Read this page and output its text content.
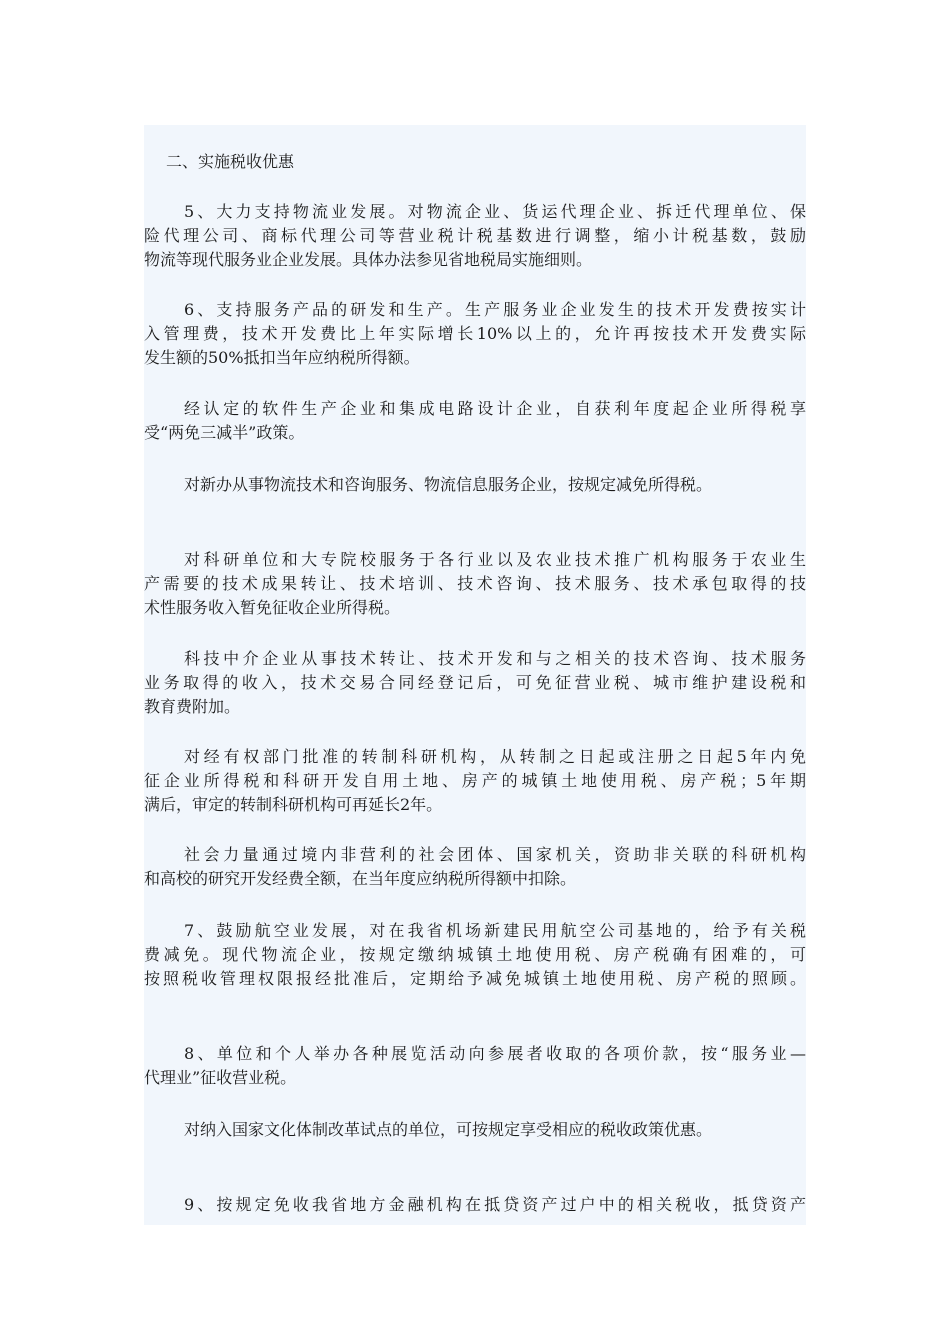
二、实施税收优惠
5、大力支持物流业发展。对物流企业、货运代理企业、拆迁代理单位、保
险代理公司、商标代理公司等营业税计税基数进行调整，缩小计税基数，鼓励
物流等现代服务业企业发展。具体办法参见省地税局实施细则。
6、支持服务产品的研发和生产。生产服务业企业发生的技术开发费按实计
入管理费，技术开发费比上年实际增长10%以上的，允许再按技术开发费实际
发生额的50%抵扣当年应纳税所得额。
经认定的软件生产企业和集成电路设计企业，自获利年度起企业所得税享
受“两免三减半”政策。
对新办从事物流技术和咨询服务、物流信息服务企业，按规定减免所得税。
对科研单位和大专院校服务于各行业以及农业技术推广机构服务于农业生
产需要的技术成果转让、技术培训、技术咨询、技术服务、技术承包取得的技
术性服务收入暂免征收企业所得税。
科技中介企业从事技术转让、技术开发和与之相关的技术咨询、技术服务
业务取得的收入，技术交易合同经登记后，可免征营业税、城市维护建设税和
教育费附加。
对经有权部门批准的转制科研机构，从转制之日起或注册之日起5年内免
征企业所得税和科研开发自用土地、房产的城镇土地使用税、房产税；5年期
满后，审定的转制科研机构可再延长2年。
社会力量通过境内非营利的社会团体、国家机关，资助非关联的科研机构
和高校的研究开发经费全额，在当年度应纳税所得额中扣除。
7、鼓励航空业发展，对在我省机场新建民用航空公司基地的，给予有关税
费减免。现代物流企业，按规定缴纳城镇土地使用税、房产税确有困难的，可
按照税收管理权限报经批准后，定期给予减免城镇土地使用税、房产税的照顾。
8、单位和个人举办各种展览活动向参展者收取的各项价款，按“服务业—
代理业”征收营业税。
对纳入国家文化体制改革试点的单位，可按规定享受相应的税收政策优惠。
9、按规定免收我省地方金融机构在抵贷资产过户中的相关税收，抵贷资产
